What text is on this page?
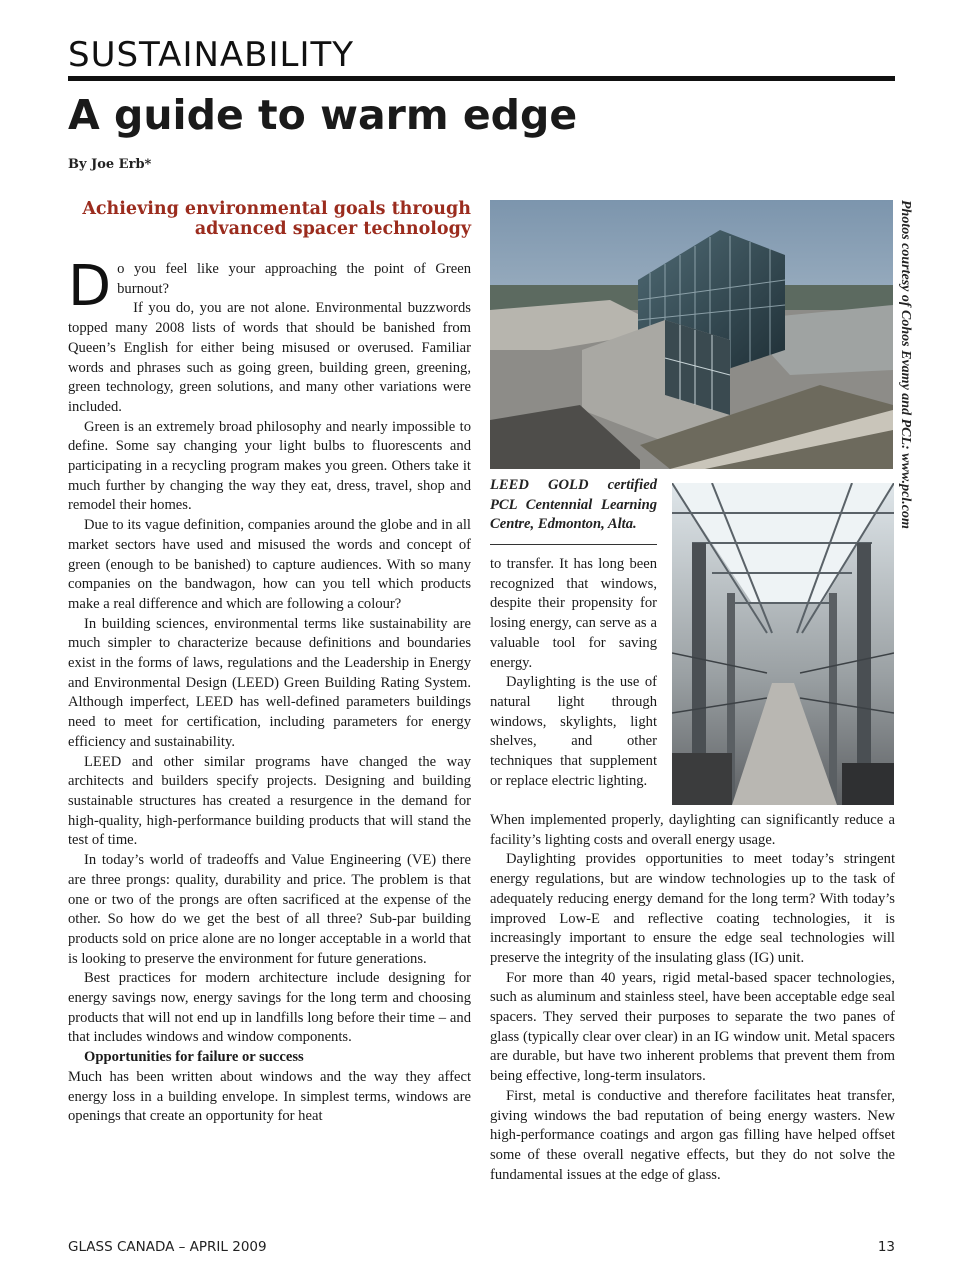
SUSTAINABILITY
A guide to warm edge
By Joe Erb*
Achieving environmental goals through advanced spacer technology

Do you feel like your approaching the point of Green burnout?

If you do, you are not alone. Environmental buzzwords topped many 2008 lists of words that should be banished from Queen’s English for either being misused or overused. Familiar words and phrases such as going green, building green, greening, green technology, green solutions, and many other variations were included.

Green is an extremely broad philosophy and nearly impossible to define. Some say changing your light bulbs to fluorescents and participating in a recycling program makes you green. Others take it much further by changing the way they eat, dress, travel, shop and remodel their homes.

Due to its vague definition, companies around the globe and in all market sectors have used and misused the words and concept of green (enough to be banished) to capture audiences. With so many companies on the bandwagon, how can you tell which products make a real difference and which are following a colour?

In building sciences, environmental terms like sustainability are much simpler to characterize because definitions and boundaries exist in the forms of laws, regulations and the Leadership in Energy and Environmental Design (LEED) Green Building Rating System. Although imperfect, LEED has well-defined parameters buildings need to meet for certification, including parameters for energy efficiency and sustainability.

LEED and other similar programs have changed the way architects and builders specify projects. Designing and building sustainable structures has created a resurgence in the demand for high-quality, high-performance building products that will stand the test of time.

In today’s world of tradeoffs and Value Engineering (VE) there are three prongs: quality, durability and price. The problem is that one or two of the prongs are often sacrificed at the expense of the other. So how do we get the best of all three? Sub-par building products sold on price alone are no longer acceptable in a world that is looking to preserve the environment for future generations.

Best practices for modern architecture include designing for energy savings now, energy savings for the long term and choosing products that will not end up in landfills long before their time – and that includes windows and window components.

Opportunities for failure or success

Much has been written about windows and the way they affect energy loss in a building envelope. In simplest terms, windows are openings that create an opportunity for heat

LEED GOLD certified PCL Centennial Learning Centre, Edmonton, Alta.	Photos courtesy of Cohos Evamy and PCL: www.pcl.com

to transfer. It has long been recognized that windows, despite their propensity for losing energy, can serve as a valuable tool for saving energy.

Daylighting is the use of natural light through windows, skylights, light shelves, and other techniques that supplement or replace electric lighting.

When implemented properly, daylighting can significantly reduce a facility’s lighting costs and overall energy usage.

Daylighting provides opportunities to meet today’s stringent energy regulations, but are window technologies up to the task of adequately reducing energy demand for the long term? With today’s improved Low-E and reflective coating technologies, it is increasingly important to ensure the edge seal technologies will preserve the integrity of the insulating glass (IG) unit.

For more than 40 years, rigid metal-based spacer technologies, such as aluminum and stainless steel, have been acceptable edge seal spacers. They served their purposes to separate the two panes of glass (typically clear over clear) in an IG window unit. Metal spacers are durable, but have two inherent problems that prevent them from being effective, long-term insulators.

First, metal is conductive and therefore facilitates heat transfer, giving windows the bad reputation of being energy wasters. New high-performance coatings and argon gas filling have helped offset some of these overall negative effects, but they do not solve the fundamental issues at the edge of glass.

GLASS CANADA – APRIL 2009	13
